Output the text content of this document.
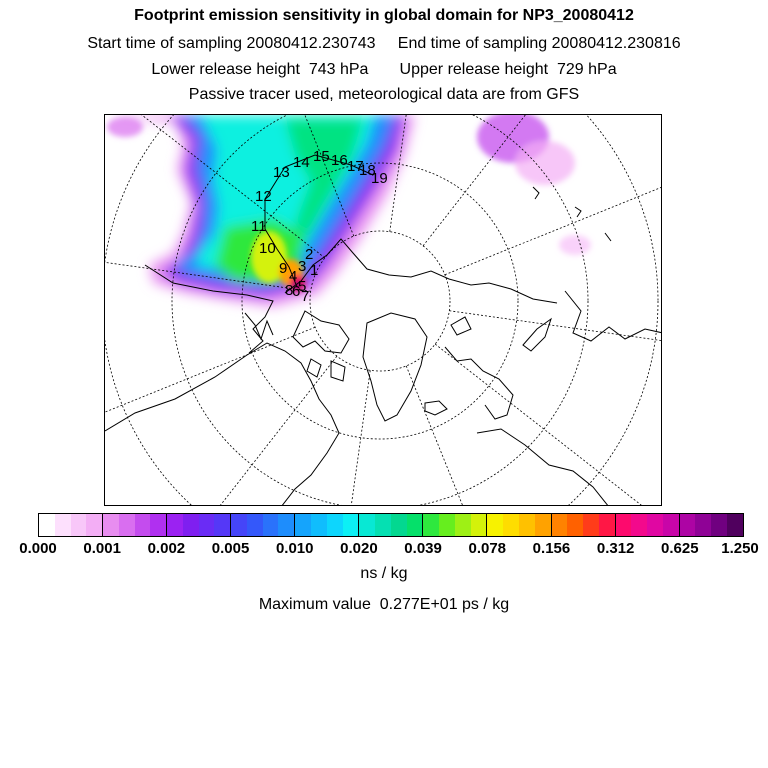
Footprint emission sensitivity in global domain for NP3_20080412
Start time of sampling 20080412.230743     End time of sampling 20080412.230816
Lower release height  743 hPa       Upper release height  729 hPa
Passive tracer used, meteorological data are from GFS
1
2
3
4
5
6 7
8
9
10
11
12
13
14 15 16 17
18
19
0.000 0.001 0.002 0.005 0.010 0.020 0.039 0.078 0.156 0.312 0.625 1.250
ns / kg
Maximum value  0.277E+01 ps / kg
